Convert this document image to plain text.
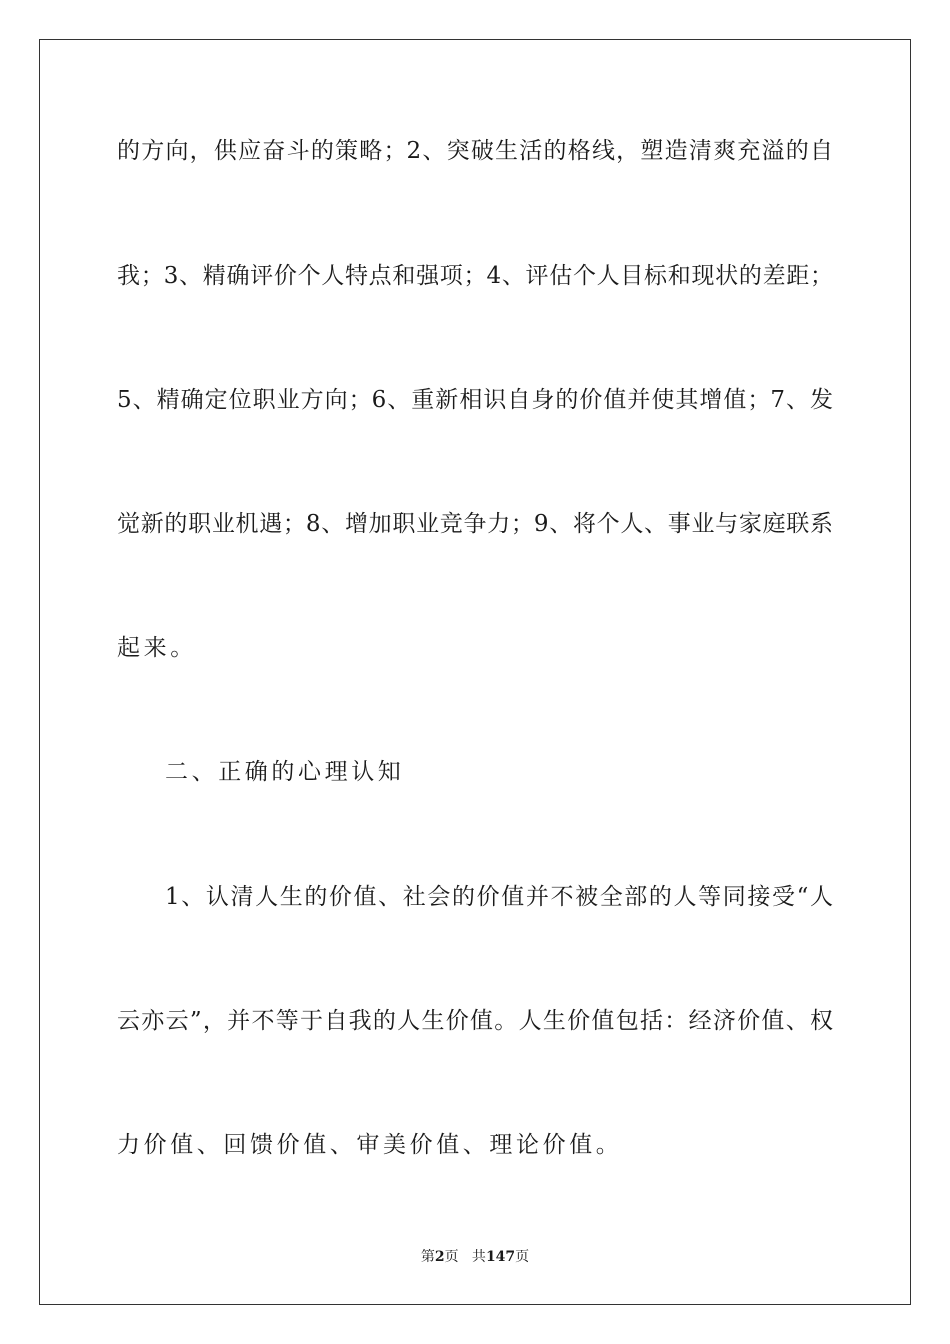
的方向，供应奋斗的策略；2、突破生活的格线，塑造清爽充溢的自
我；3、精确评价个人特点和强项；4、评估个人目标和现状的差距；
5、精确定位职业方向；6、重新相识自身的价值并使其增值；7、发
觉新的职业机遇；8、增加职业竞争力；9、将个人、事业与家庭联系
起来。
二、正确的心理认知
1、认清人生的价值、社会的价值并不被全部的人等同接受“人
云亦云”，并不等于自我的人生价值。人生价值包括：经济价值、权
力价值、回馈价值、审美价值、理论价值。
第2页   共147页
